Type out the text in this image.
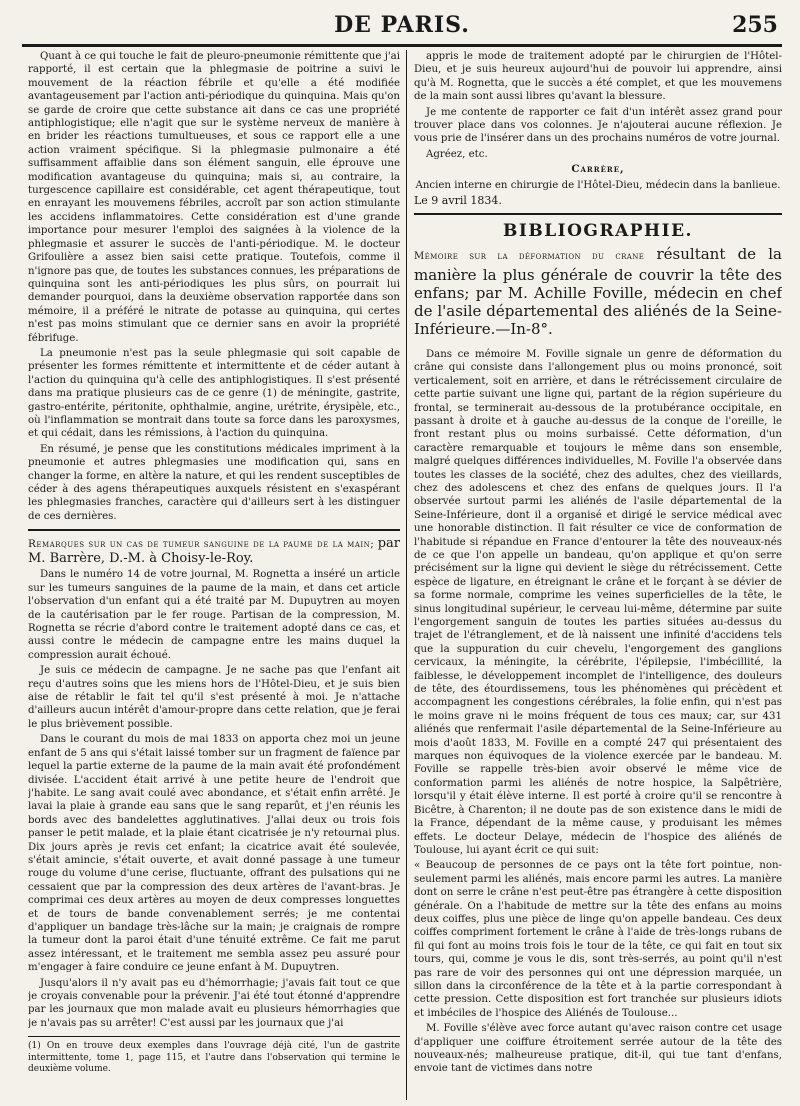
DE PARIS.	255

Quant à ce qui touche le fait de pleuro-pneumonie rémittente que j'ai rapporté, il est certain que la phlegmasie de poitrine a suivi le mouvement de la réaction fébrile et qu'elle a été modifiée avantageusement par l'action anti-périodique du quinquina. Mais qu'on se garde de croire que cette substance ait dans ce cas une propriété antiphlogistique; elle n'agit que sur le système nerveux de manière à en brider les réactions tumultueuses, et sous ce rapport elle a une action vraiment spécifique. Si la phlegmasie pulmonaire a été suffisamment affaiblie dans son élément sanguin, elle éprouve une modification avantageuse du quinquina; mais si, au contraire, la turgescence capillaire est considérable, cet agent thérapeutique, tout en enrayant les mouvemens fébriles, accroît par son action stimulante les accidens inflammatoires. Cette considération est d'une grande importance pour mesurer l'emploi des saignées à la violence de la phlegmasie et assurer le succès de l'anti-périodique. M. le docteur Grifoulière a assez bien saisi cette pratique. Toutefois, comme il n'ignore pas que, de toutes les substances connues, les préparations de quinquina sont les anti-périodiques les plus sûrs, on pourrait lui demander pourquoi, dans la deuxième observation rapportée dans son mémoire, il a préféré le nitrate de potasse au quinquina, qui certes n'est pas moins stimulant que ce dernier sans en avoir la propriété fébrifuge.

La pneumonie n'est pas la seule phlegmasie qui soit capable de présenter les formes rémittente et intermittente et de céder autant à l'action du quinquina qu'à celle des antiphlogistiques. Il s'est présenté dans ma pratique plusieurs cas de ce genre (1) de méningite, gastrite, gastro-entérite, péritonite, ophthalmie, angine, urétrite, érysipèle, etc., où l'inflammation se montrait dans toute sa force dans les paroxysmes, et qui cédait, dans les rémissions, à l'action du quinquina.

En résumé, je pense que les constitutions médicales impriment à la pneumonie et autres phlegmasies une modification qui, sans en changer la forme, en altère la nature, et qui les rendent susceptibles de céder à des agens thérapeutiques auxquels résistent en s'exaspérant les phlegmasies franches, caractère qui d'ailleurs sert à les distinguer de ces dernières.

Remarques sur un cas de tumeur sanguine de la paume de la main; par M. Barrère, D.-M. à Choisy-le-Roy.

Dans le numéro 14 de votre journal, M. Rognetta a inséré un article sur les tumeurs sanguines de la paume de la main, et dans cet article l'observation d'un enfant qui a été traité par M. Dupuytren au moyen de la cautérisation par le fer rouge. Partisan de la compression, M. Rognetta se récrie d'abord contre le traitement adopté dans ce cas, et aussi contre le médecin de campagne entre les mains duquel la compression aurait échoué.

Je suis ce médecin de campagne. Je ne sache pas que l'enfant ait reçu d'autres soins que les miens hors de l'Hôtel-Dieu, et je suis bien aise de rétablir le fait tel qu'il s'est présenté à moi. Je n'attache d'ailleurs aucun intérêt d'amour-propre dans cette relation, que je ferai le plus brièvement possible.

Dans le courant du mois de mai 1833 on apporta chez moi un jeune enfant de 5 ans qui s'était laissé tomber sur un fragment de faïence par lequel la partie externe de la paume de la main avait été profondément divisée. L'accident était arrivé à une petite heure de l'endroit que j'habite. Le sang avait coulé avec abondance, et s'était enfin arrêté. Je lavai la plaie à grande eau sans que le sang reparût, et j'en réunis les bords avec des bandelettes agglutinatives. J'allai deux ou trois fois panser le petit malade, et la plaie étant cicatrisée je n'y retournai plus. Dix jours après je revis cet enfant; la cicatrice avait été soulevée, s'était amincie, s'était ouverte, et avait donné passage à une tumeur rouge du volume d'une cerise, fluctuante, offrant des pulsations qui ne cessaient que par la compression des deux artères de l'avant-bras. Je comprimai ces deux artères au moyen de deux compresses longuettes et de tours de bande convenablement serrés; je me contentai d'appliquer un bandage très-lâche sur la main; je craignais de rompre la tumeur dont la paroi était d'une ténuité extrême. Ce fait me parut assez intéressant, et le traitement me sembla assez peu assuré pour m'engager à faire conduire ce jeune enfant à M. Dupuytren.

Jusqu'alors il n'y avait pas eu d'hémorrhagie; j'avais fait tout ce que je croyais convenable pour la prévenir. J'ai été tout étonné d'apprendre par les journaux que mon malade avait eu plusieurs hémorrhagies que je n'avais pas su arrêter! C'est aussi par les journaux que j'ai

(1) On en trouve deux exemples dans l'ouvrage déjà cité, l'un de gastrite intermittente, tome 1, page 115, et l'autre dans l'observation qui termine le deuxième volume.

appris le mode de traitement adopté par le chirurgien de l'Hôtel-Dieu, et je suis heureux aujourd'hui de pouvoir lui apprendre, ainsi qu'à M. Rognetta, que le succès a été complet, et que les mouvemens de la main sont aussi libres qu'avant la blessure.

Je me contente de rapporter ce fait d'un intérêt assez grand pour trouver place dans vos colonnes. Je n'ajouterai aucune réflexion. Je vous prie de l'insérer dans un des prochains numéros de votre journal.

Agréez, etc.

Carrère,

Ancien interne en chirurgie de l'Hôtel-Dieu, médecin dans la banlieue.

Le 9 avril 1834.

BIBLIOGRAPHIE.

Mémoire sur la déformation du crane résultant de la manière la plus générale de couvrir la tête des enfans; par M. Achille Foville, médecin en chef de l'asile départemental des aliénés de la Seine-Inférieure.—In-8°.

Dans ce mémoire M. Foville signale un genre de déformation du crâne qui consiste dans l'allongement plus ou moins prononcé, soit verticalement, soit en arrière, et dans le rétrécissement circulaire de cette partie suivant une ligne qui, partant de la région supérieure du frontal, se terminerait au-dessous de la protubérance occipitale, en passant à droite et à gauche au-dessus de la conque de l'oreille, le front restant plus ou moins surbaissé. Cette déformation, d'un caractère remarquable et toujours le même dans son ensemble, malgré quelques différences individuelles, M. Foville l'a observée dans toutes les classes de la société, chez des adultes, chez des vieillards, chez des adolescens et chez des enfans de quelques jours. Il l'a observée surtout parmi les aliénés de l'asile départemental de la Seine-Inférieure, dont il a organisé et dirigé le service médical avec une honorable distinction. Il fait résulter ce vice de conformation de l'habitude si répandue en France d'entourer la tête des nouveaux-nés de ce que l'on appelle un bandeau, qu'on applique et qu'on serre précisément sur la ligne qui devient le siège du rétrécissement. Cette espèce de ligature, en étreignant le crâne et le forçant à se dévier de sa forme normale, comprime les veines superficielles de la tête, le sinus longitudinal supérieur, le cerveau lui-même, détermine par suite l'engorgement sanguin de toutes les parties situées au-dessus du trajet de l'étranglement, et de là naissent une infinité d'accidens tels que la suppuration du cuir chevelu, l'engorgement des ganglions cervicaux, la méningite, la cérébrite, l'épilepsie, l'imbécillité, la faiblesse, le développement incomplet de l'intelligence, des douleurs de tête, des étourdissemens, tous les phénomènes qui précèdent et accompagnent les congestions cérébrales, la folie enfin, qui n'est pas le moins grave ni le moins fréquent de tous ces maux; car, sur 431 aliénés que renfermait l'asile départemental de la Seine-Inférieure au mois d'août 1833, M. Foville en a compté 247 qui présentaient des marques non équivoques de la violence exercée par le bandeau. M. Foville se rappelle très-bien avoir observé le même vice de conformation parmi les aliénés de notre hospice, la Salpêtrière, lorsqu'il y était élève interne. Il est porté à croire qu'il se rencontre à Bicêtre, à Charenton; il ne doute pas de son existence dans le midi de la France, dépendant de la même cause, y produisant les mêmes effets. Le docteur Delaye, médecin de l'hospice des aliénés de Toulouse, lui ayant écrit ce qui suit:

« Beaucoup de personnes de ce pays ont la tête fort pointue, non-seulement parmi les aliénés, mais encore parmi les autres. La manière dont on serre le crâne n'est peut-être pas étrangère à cette disposition générale. On a l'habitude de mettre sur la tête des enfans au moins deux coiffes, plus une pièce de linge qu'on appelle bandeau. Ces deux coiffes compriment fortement le crâne à l'aide de très-longs rubans de fil qui font au moins trois fois le tour de la tête, ce qui fait en tout six tours, qui, comme je vous le dis, sont très-serrés, au point qu'il n'est pas rare de voir des personnes qui ont une dépression marquée, un sillon dans la circonférence de la tête et à la partie correspondant à cette pression. Cette disposition est fort tranchée sur plusieurs idiots et imbéciles de l'hospice des Aliénés de Toulouse...

M. Foville s'élève avec force autant qu'avec raison contre cet usage d'appliquer une coiffure étroitement serrée autour de la tête des nouveaux-nés; malheureuse pratique, dit-il, qui tue tant d'enfans, envoie tant de victimes dans notre
